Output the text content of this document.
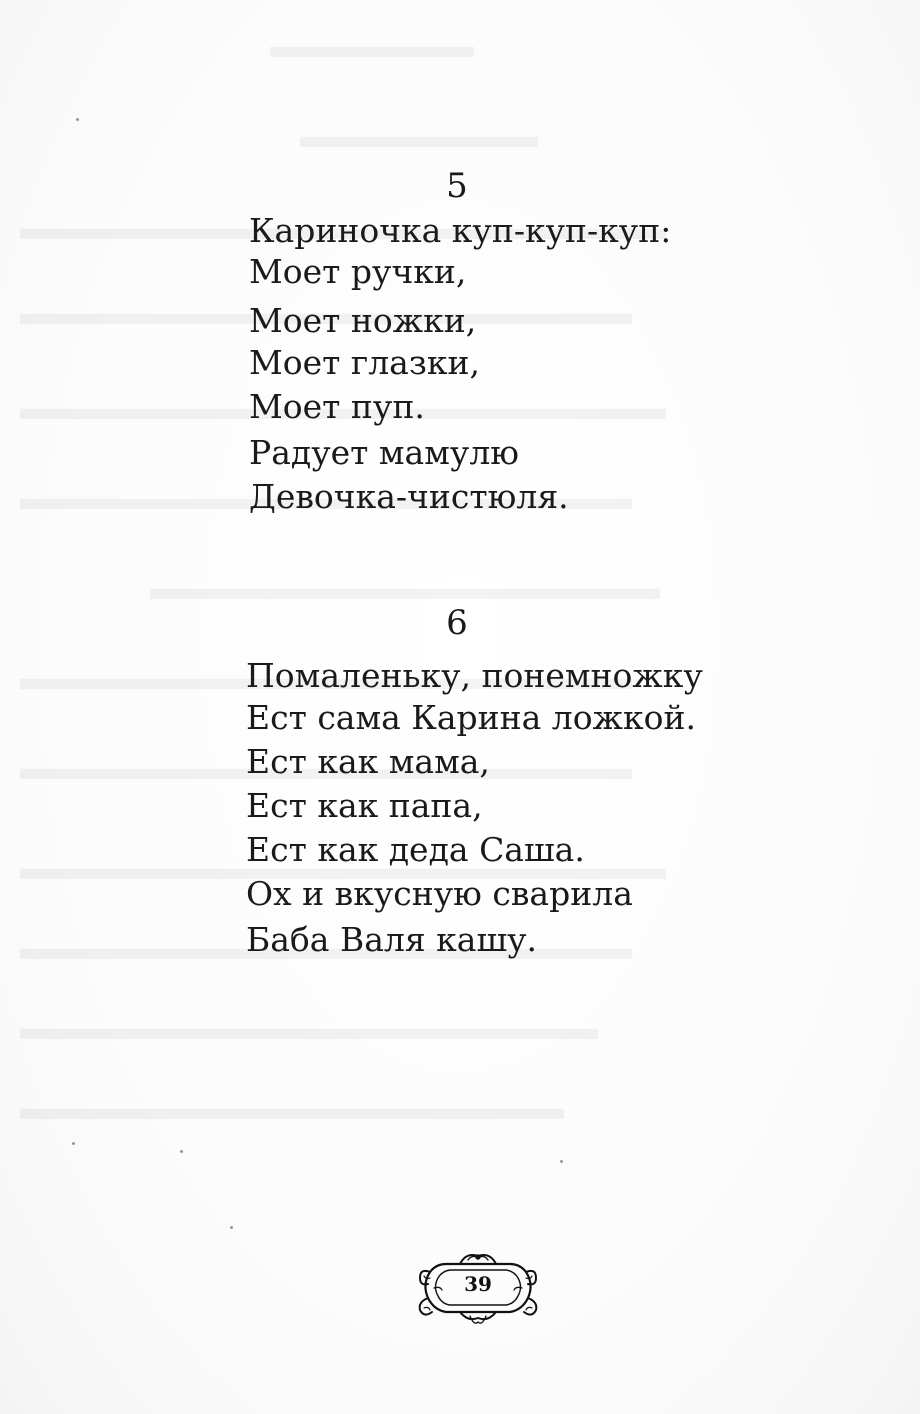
5
Кариночка куп-куп-куп:
Моет ручки,
Моет ножки,
Моет глазки,
Моет пуп.
Радует мамулю
Девочка-чистюля.
6
Помаленьку, понемножку
Ест сама Карина ложкой.
Ест как мама,
Ест как папа,
Ест как деда Саша.
Ох и вкусную сварила
Баба Валя кашу.
39
